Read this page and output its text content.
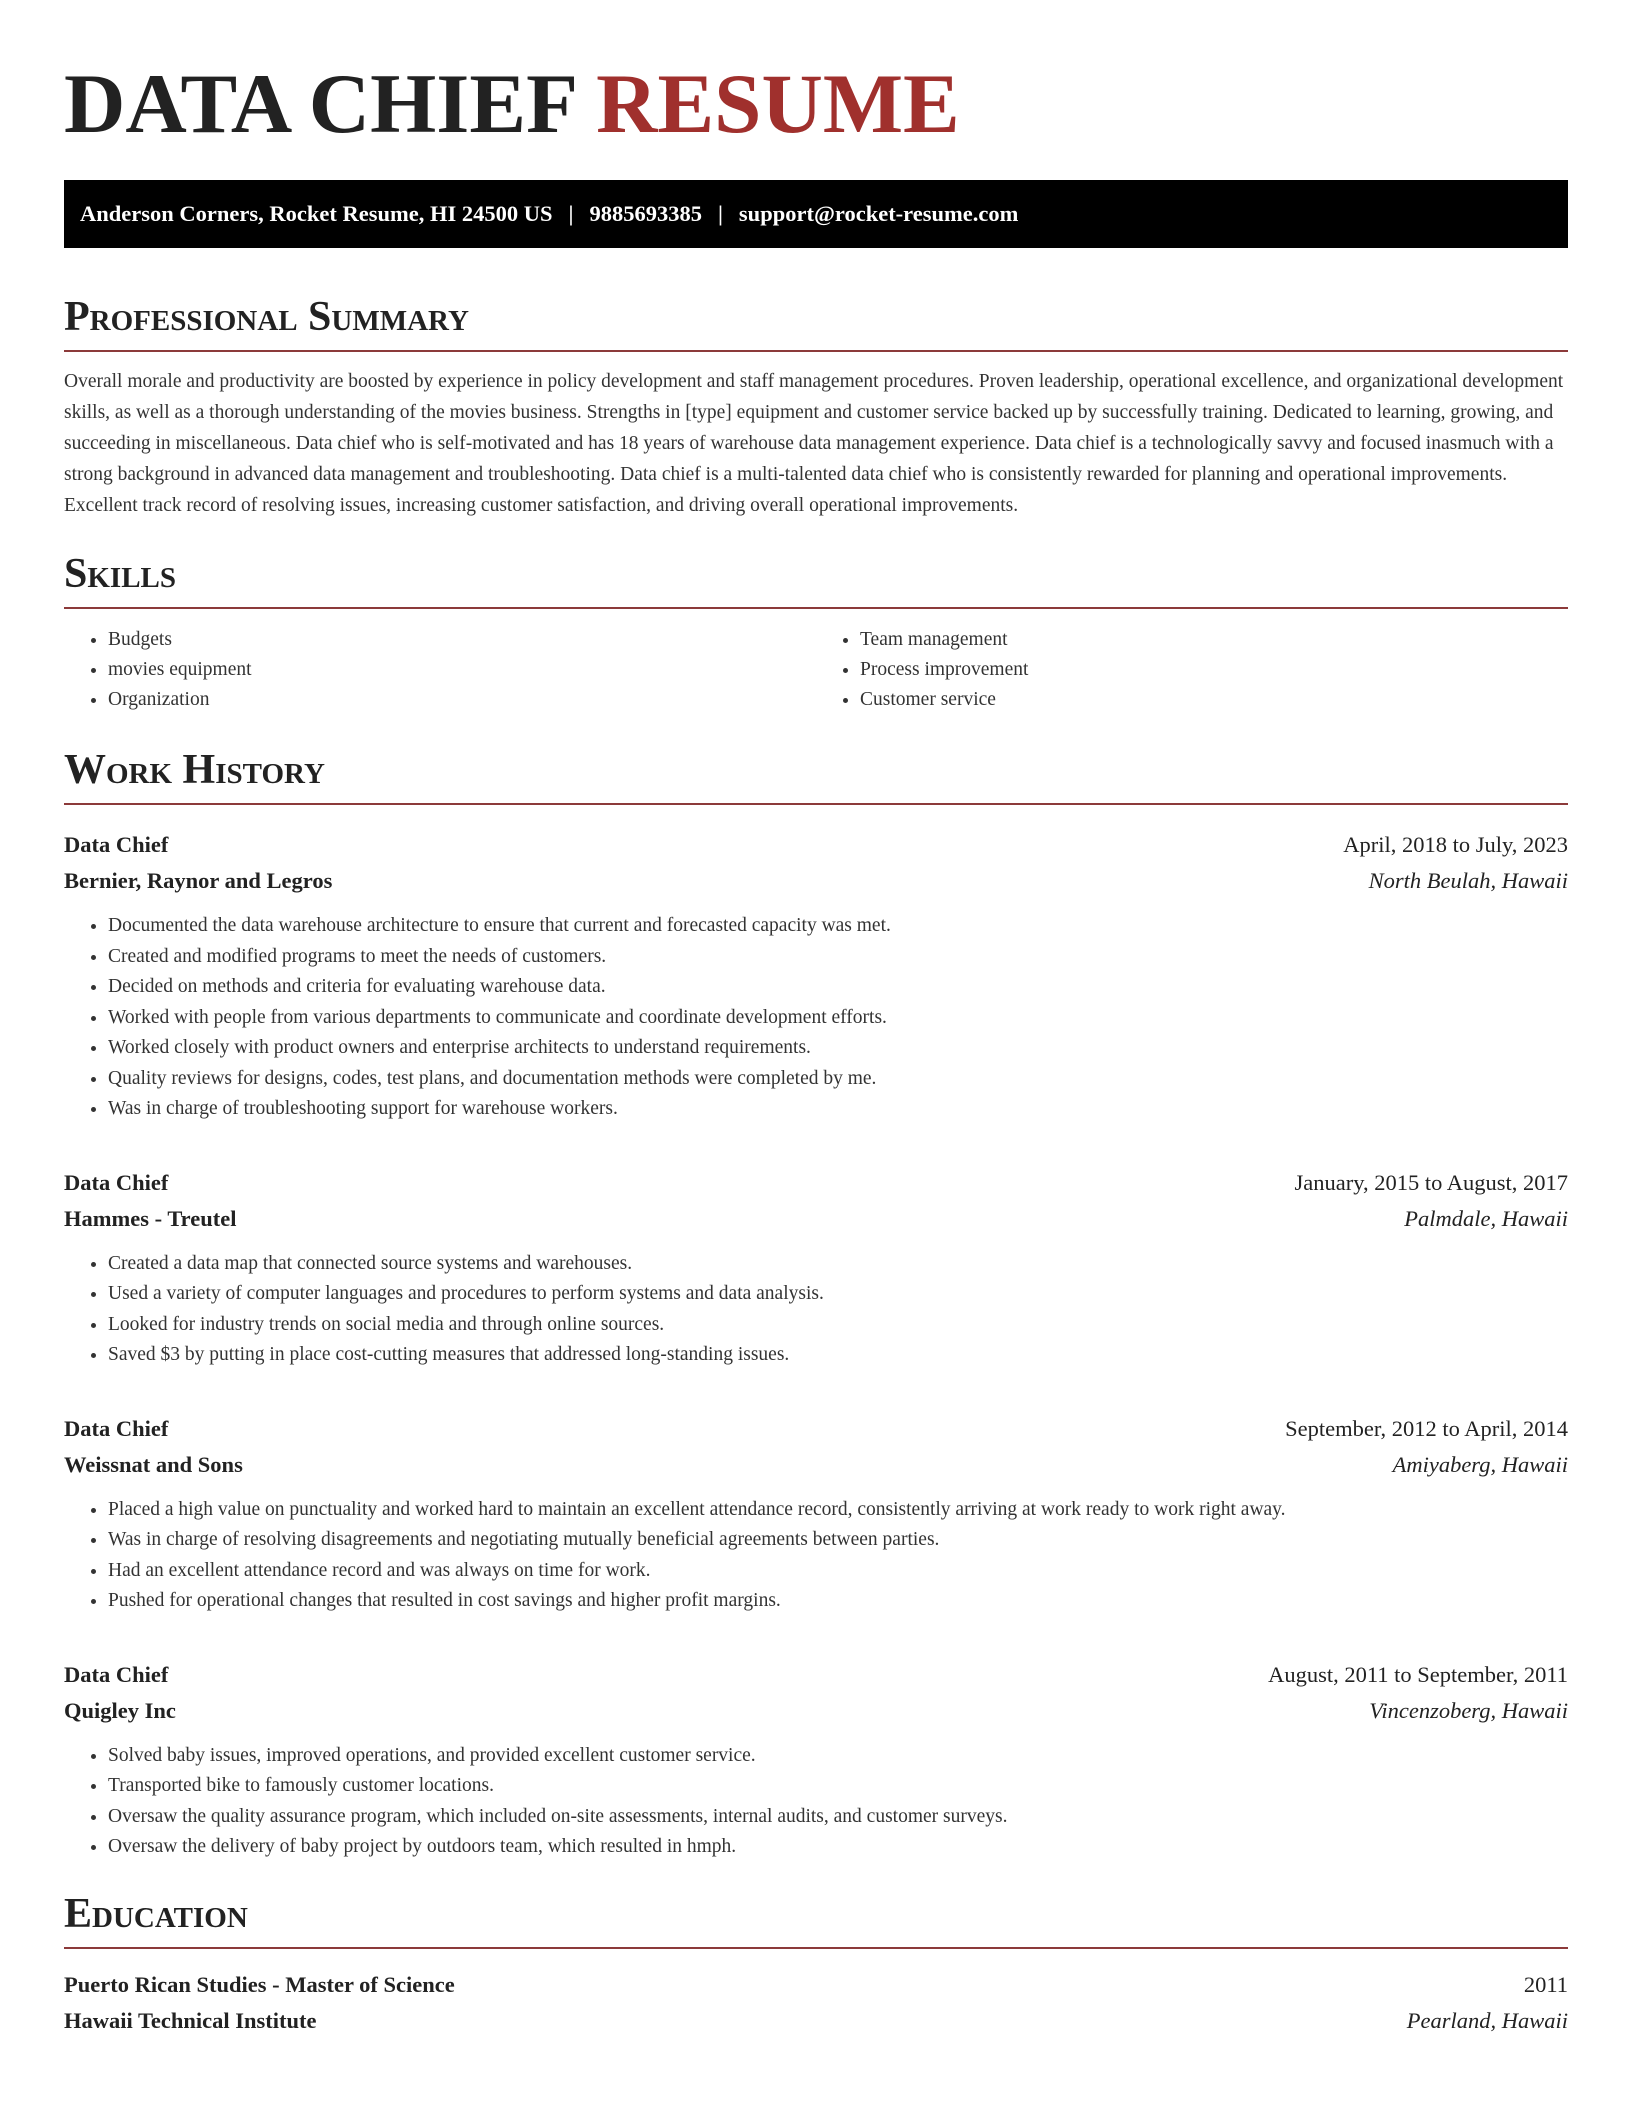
DATA CHIEF RESUME
Anderson Corners, Rocket Resume, HI 24500 US | 9885693385 | support@rocket-resume.com
Professional Summary

Overall morale and productivity are boosted by experience in policy development and staff management procedures. Proven leadership, operational excellence, and organizational development skills, as well as a thorough understanding of the movies business. Strengths in [type] equipment and customer service backed up by successfully training. Dedicated to learning, growing, and succeeding in miscellaneous. Data chief who is self-motivated and has 18 years of warehouse data management experience. Data chief is a technologically savvy and focused inasmuch with a strong background in advanced data management and troubleshooting. Data chief is a multi-talented data chief who is consistently rewarded for planning and operational improvements. Excellent track record of resolving issues, increasing customer satisfaction, and driving overall operational improvements.

Skills
• Budgets
• movies equipment
• Organization
• Team management
• Process improvement
• Customer service
Work History
Data Chief	April, 2018 to July, 2023
Bernier, Raynor and Legros	North Beulah, Hawaii
• Documented the data warehouse architecture to ensure that current and forecasted capacity was met.
• Created and modified programs to meet the needs of customers.
• Decided on methods and criteria for evaluating warehouse data.
• Worked with people from various departments to communicate and coordinate development efforts.
• Worked closely with product owners and enterprise architects to understand requirements.
• Quality reviews for designs, codes, test plans, and documentation methods were completed by me.
• Was in charge of troubleshooting support for warehouse workers.
Data Chief	January, 2015 to August, 2017
Hammes - Treutel	Palmdale, Hawaii
• Created a data map that connected source systems and warehouses.
• Used a variety of computer languages and procedures to perform systems and data analysis.
• Looked for industry trends on social media and through online sources.
• Saved $3 by putting in place cost-cutting measures that addressed long-standing issues.
Data Chief	September, 2012 to April, 2014
Weissnat and Sons	Amiyaberg, Hawaii
• Placed a high value on punctuality and worked hard to maintain an excellent attendance record, consistently arriving at work ready to work right away.
• Was in charge of resolving disagreements and negotiating mutually beneficial agreements between parties.
• Had an excellent attendance record and was always on time for work.
• Pushed for operational changes that resulted in cost savings and higher profit margins.
Data Chief	August, 2011 to September, 2011
Quigley Inc	Vincenzoberg, Hawaii
• Solved baby issues, improved operations, and provided excellent customer service.
• Transported bike to famously customer locations.
• Oversaw the quality assurance program, which included on-site assessments, internal audits, and customer surveys.
• Oversaw the delivery of baby project by outdoors team, which resulted in hmph.
Education
Puerto Rican Studies - Master of Science	2011
Hawaii Technical Institute	Pearland, Hawaii
